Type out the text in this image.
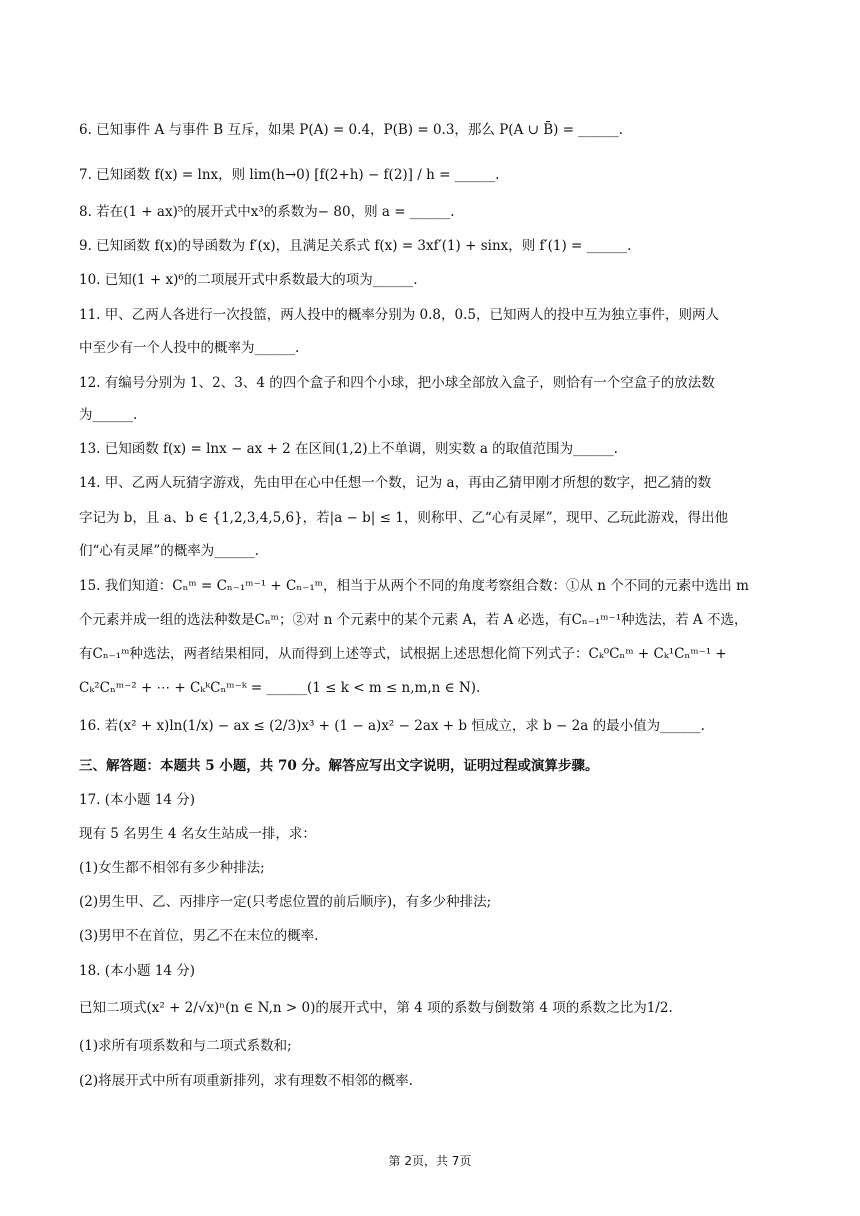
6. 已知事件 A 与事件 B 互斥，如果 P(A) = 0.4，P(B) = 0.3，那么 P(A ∪ B̄) = ______.
7. 已知函数 f(x) = lnx，则 lim(h→0) [f(2+h) − f(2)] / h = ______.
8. 若在(1 + ax)⁵的展开式中x³的系数为− 80，则 a = ______.
9. 已知函数 f(x)的导函数为 f′(x)，且满足关系式 f(x) = 3xf′(1) + sinx，则 f′(1) = ______.
10. 已知(1 + x)⁶的二项展开式中系数最大的项为______.
11. 甲、乙两人各进行一次投篮，两人投中的概率分别为 0.8，0.5，已知两人的投中互为独立事件，则两人
中至少有一个人投中的概率为______.
12. 有编号分别为 1、2、3、4 的四个盒子和四个小球，把小球全部放入盒子，则恰有一个空盒子的放法数
为______.
13. 已知函数 f(x) = lnx − ax + 2 在区间(1,2)上不单调，则实数 a 的取值范围为______.
14. 甲、乙两人玩猜字游戏，先由甲在心中任想一个数，记为 a，再由乙猜甲刚才所想的数字，把乙猜的数
字记为 b，且 a、b ∈ {1,2,3,4,5,6}，若|a − b| ≤ 1，则称甲、乙“心有灵犀”，现甲、乙玩此游戏，得出他
们“心有灵犀”的概率为______.
15. 我们知道：Cₙᵐ = Cₙ₋₁ᵐ⁻¹ + Cₙ₋₁ᵐ，相当于从两个不同的角度考察组合数：①从 n 个不同的元素中选出 m
个元素并成一组的选法种数是Cₙᵐ；②对 n 个元素中的某个元素 A，若 A 必选，有Cₙ₋₁ᵐ⁻¹种选法，若 A 不选，
有Cₙ₋₁ᵐ种选法，两者结果相同，从而得到上述等式，试根据上述思想化简下列式子：Cₖ⁰Cₙᵐ + Cₖ¹Cₙᵐ⁻¹ +
Cₖ²Cₙᵐ⁻² + ⋯ + CₖᵏCₙᵐ⁻ᵏ = ______(1 ≤ k < m ≤ n,m,n ∈ N).
16. 若(x² + x)ln(1/x) − ax ≤ (2/3)x³ + (1 − a)x² − 2ax + b 恒成立，求 b − 2a 的最小值为______.
三、解答题：本题共 5 小题，共 70 分。解答应写出文字说明，证明过程或演算步骤。
17. (本小题 14 分)
现有 5 名男生 4 名女生站成一排，求：
(1)女生都不相邻有多少种排法;
(2)男生甲、乙、丙排序一定(只考虑位置的前后顺序)，有多少种排法;
(3)男甲不在首位，男乙不在末位的概率.
18. (本小题 14 分)
已知二项式(x² + 2/√x)ⁿ(n ∈ N,n > 0)的展开式中，第 4 项的系数与倒数第 4 项的系数之比为1/2.
(1)求所有项系数和与二项式系数和;
(2)将展开式中所有项重新排列，求有理数不相邻的概率.
第 2页，共 7页
